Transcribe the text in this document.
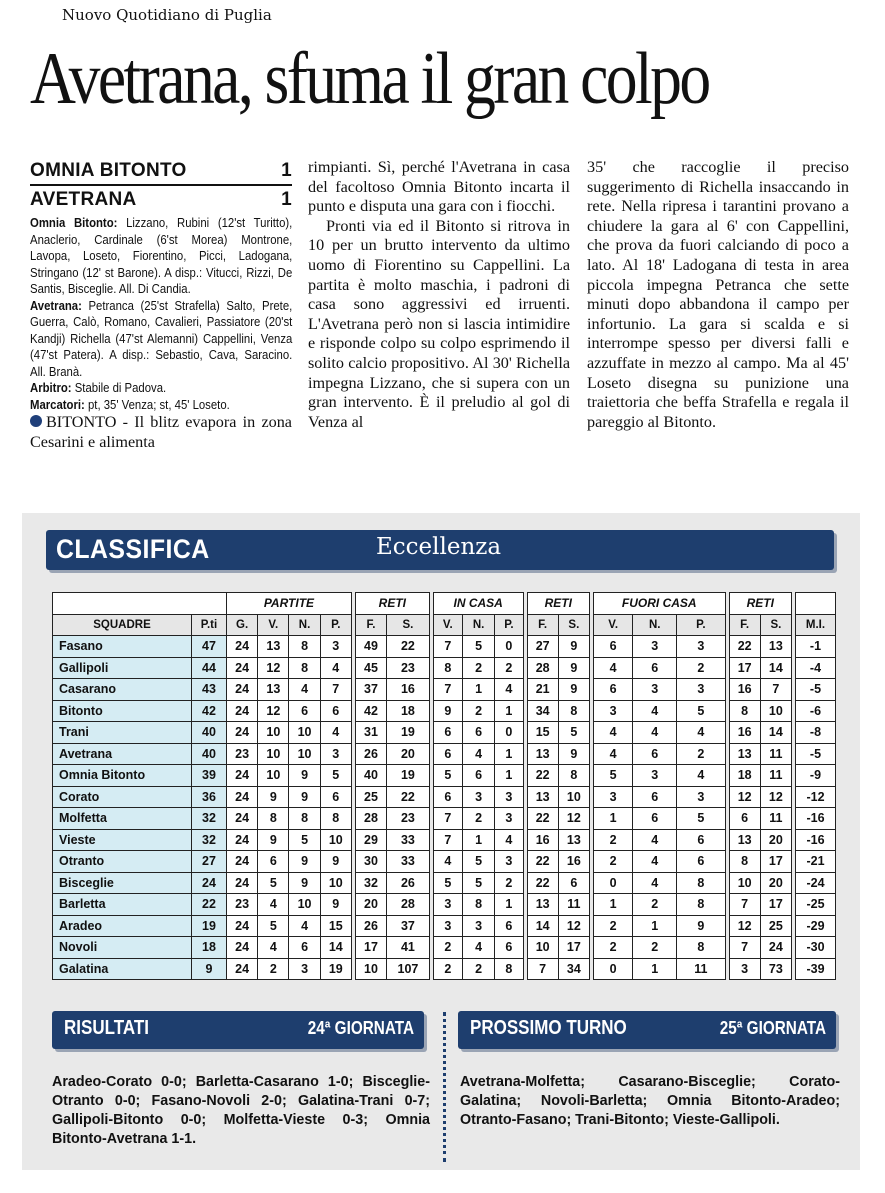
Nuovo Quotidiano di Puglia
Avetrana, sfuma il gran colpo
OMNIA BITONTO	1
AVETRANA	1

Omnia Bitonto: Lizzano, Rubini (12'st Turitto), Anaclerio, Cardinale (6'st Morea) Montrone, Lavopa, Loseto, Fiorentino, Picci, Ladogana, Stringano (12' st Barone). A disp.: Vitucci, Rizzi, De Santis, Bisceglie. All. Di Candia.

Avetrana: Petranca (25'st Strafella) Salto, Prete, Guerra, Calò, Romano, Cavalieri, Passiatore (20'st Kandji) Richella (47'st Alemanni) Cappellini, Venza (47'st Patera). A disp.: Sebastio, Cava, Saracino. All. Branà.

Arbitro: Stabile di Padova.

Marcatori: pt, 35' Venza; st, 45' Loseto.

BITONTO - Il blitz evapora in zona Cesarini e alimenta

rimpianti. Sì, perché l'Avetrana in casa del facoltoso Omnia Bitonto incarta il punto e disputa una gara con i fiocchi.

Pronti via ed il Bitonto si ritrova in 10 per un brutto intervento da ultimo uomo di Fiorentino su Cappellini. La partita è molto maschia, i padroni di casa sono aggressivi ed irruenti. L'Avetrana però non si lascia intimidire e risponde colpo su colpo esprimendo il solito calcio propositivo. Al 30' Richella impegna Lizzano, che si supera con un gran intervento. È il preludio al gol di Venza al

35' che raccoglie il preciso suggerimento di Richella insaccando in rete. Nella ripresa i tarantini provano a chiudere la gara al 6' con Cappellini, che prova da fuori calciando di poco a lato. Al 18' Ladogana di testa in area piccola impegna Petranca che sette minuti dopo abbandona il campo per infortunio. La gara si scalda e si interrompe spesso per diversi falli e azzuffate in mezzo al campo. Ma al 45' Loseto disegna su punizione una traiettoria che beffa Strafella e regala il pareggio al Bitonto.

CLASSIFICA	Eccellenza
		PARTITE					RETI			IN CASA				RETI			FUORI CASA				RETI			
SQUADRE	P.ti	G.	V.	N.	P.		F.	S.		V.	N.	P.		F.	S.		V.	N.	P.		F.	S.		M.I.
Fasano	47	24	13	8	3		49	22		7	5	0		27	9		6	3	3		22	13		-1
Gallipoli	44	24	12	8	4		45	23		8	2	2		28	9		4	6	2		17	14		-4
Casarano	43	24	13	4	7		37	16		7	1	4		21	9		6	3	3		16	7		-5
Bitonto	42	24	12	6	6		42	18		9	2	1		34	8		3	4	5		8	10		-6
Trani	40	24	10	10	4		31	19		6	6	0		15	5		4	4	4		16	14		-8
Avetrana	40	23	10	10	3		26	20		6	4	1		13	9		4	6	2		13	11		-5
Omnia Bitonto	39	24	10	9	5		40	19		5	6	1		22	8		5	3	4		18	11		-9
Corato	36	24	9	9	6		25	22		6	3	3		13	10		3	6	3		12	12		-12
Molfetta	32	24	8	8	8		28	23		7	2	3		22	12		1	6	5		6	11		-16
Vieste	32	24	9	5	10		29	33		7	1	4		16	13		2	4	6		13	20		-16
Otranto	27	24	6	9	9		30	33		4	5	3		22	16		2	4	6		8	17		-21
Bisceglie	24	24	5	9	10		32	26		5	5	2		22	6		0	4	8		10	20		-24
Barletta	22	23	4	10	9		20	28		3	8	1		13	11		1	2	8		7	17		-25
Aradeo	19	24	5	4	15		26	37		3	3	6		14	12		2	1	9		12	25		-29
Novoli	18	24	4	6	14		17	41		2	4	6		10	17		2	2	8		7	24		-30
Galatina	9	24	2	3	19		10	107		2	2	8		7	34		0	1	11		3	73		-39
RISULTATI	24ª GIORNATA	PROSSIMO TURNO	25ª GIORNATA
Aradeo-Corato 0-0; Barletta-Casarano 1-0; Bisceglie-Otranto 0-0; Fasano-Novoli 2-0; Galatina-Trani 0-7; Gallipoli-Bitonto 0-0; Molfetta-Vieste 0-3; Omnia Bitonto-Avetrana 1-1.
Avetrana-Molfetta; Casarano-Bisceglie; Corato-Galatina; Novoli-Barletta; Omnia Bitonto-Aradeo; Otranto-Fasano; Trani-Bitonto; Vieste-Gallipoli.
